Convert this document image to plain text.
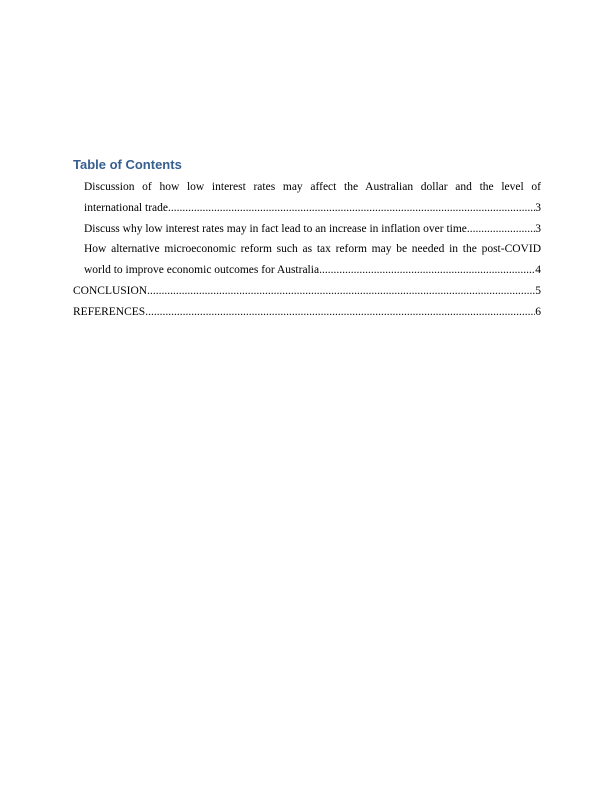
Table of Contents
Discussion of how low interest rates may affect the Australian dollar and the level of
international trade .....	3
Discuss why low interest rates may in fact lead to an increase in inflation over time .....	3
How alternative microeconomic reform such as tax reform may be needed in the post-COVID
world to improve economic outcomes for Australia .....	4
CONCLUSION .....	5
REFERENCES .....	6
